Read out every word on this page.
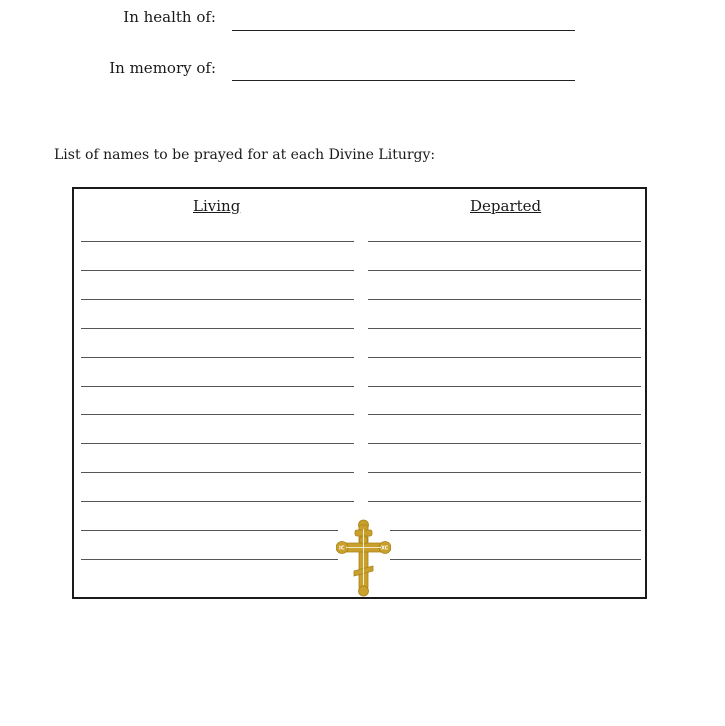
In health of:
In memory of:
List of names to be prayed for at each Divine Liturgy:
Living	Departed
IC	XC
